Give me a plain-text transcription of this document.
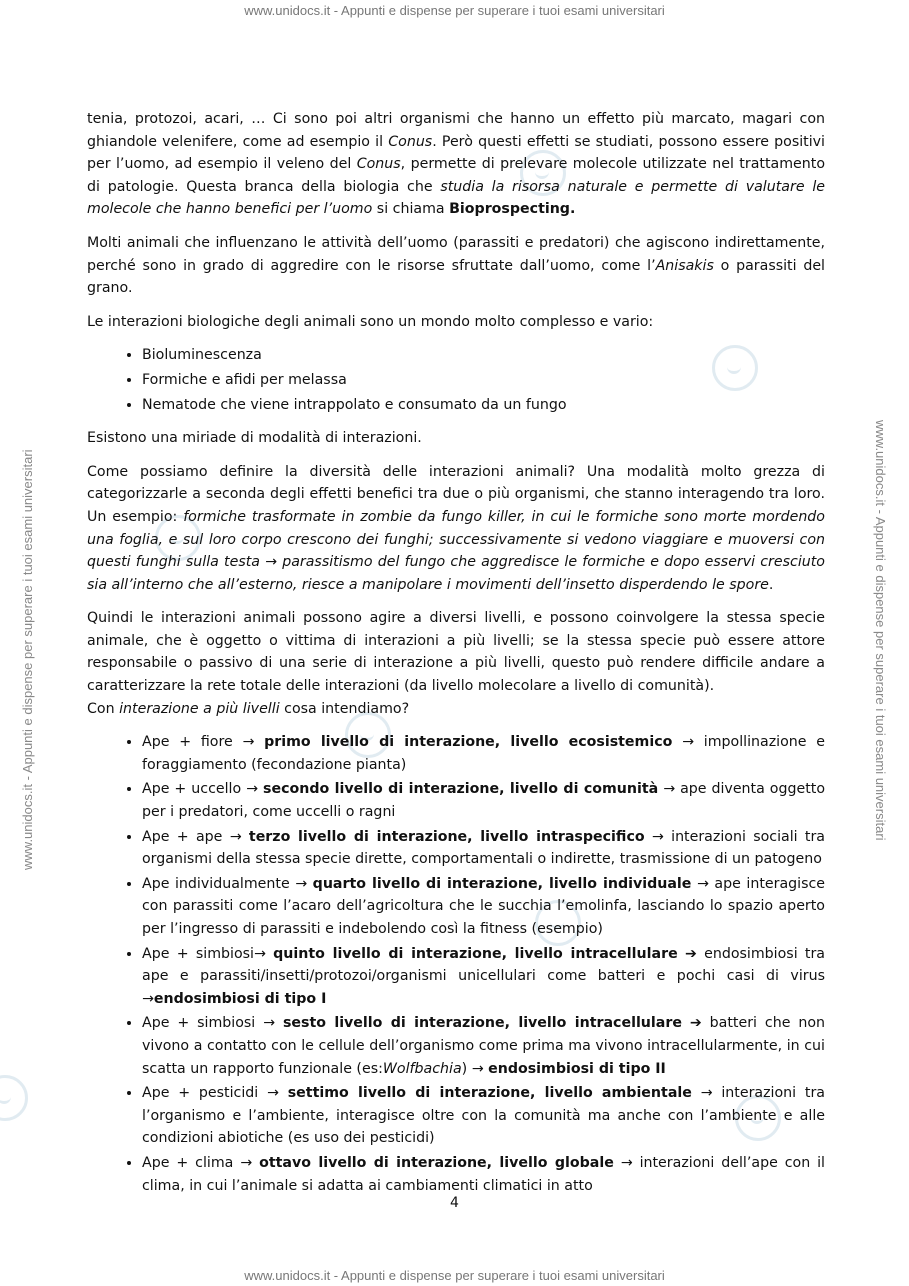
www.unidocs.it - Appunti e dispense per superare i tuoi esami universitari
www.unidocs.it - Appunti e dispense per superare i tuoi esami universitari	www.unidocs.it - Appunti e dispense per superare i tuoi esami universitari

tenia, protozoi, acari, … Ci sono poi altri organismi che hanno un effetto più marcato, magari con ghiandole velenifere, come ad esempio il Conus. Però questi effetti se studiati, possono essere positivi per l’uomo, ad esempio il veleno del Conus, permette di prelevare molecole utilizzate nel trattamento di patologie. Questa branca della biologia che studia la risorsa naturale e permette di valutare le molecole che hanno benefici per l’uomo si chiama Bioprospecting.

Molti animali che influenzano le attività dell’uomo (parassiti e predatori) che agiscono indirettamente, perché sono in grado di aggredire con le risorse sfruttate dall’uomo, come l’Anisakis o parassiti del grano.

Le interazioni biologiche degli animali sono un mondo molto complesso e vario:

• Bioluminescenza
• Formiche e afidi per melassa
• Nematode che viene intrappolato e consumato da un fungo

Esistono una miriade di modalità di interazioni.

Come possiamo definire la diversità delle interazioni animali? Una modalità molto grezza di categorizzarle a seconda degli effetti benefici tra due o più organismi, che stanno interagendo tra loro. Un esempio: formiche trasformate in zombie da fungo killer, in cui le formiche sono morte mordendo una foglia, e sul loro corpo crescono dei funghi; successivamente si vedono viaggiare e muoversi con questi funghi sulla testa → parassitismo del fungo che aggredisce le formiche e dopo esservi cresciuto sia all’interno che all’esterno, riesce a manipolare i movimenti dell’insetto disperdendo le spore.

Quindi le interazioni animali possono agire a diversi livelli, e possono coinvolgere la stessa specie animale, che è oggetto o vittima di interazioni a più livelli; se la stessa specie può essere attore responsabile o passivo di una serie di interazione a più livelli, questo può rendere difficile andare a caratterizzare la rete totale delle interazioni (da livello molecolare a livello di comunità).
Con interazione a più livelli cosa intendiamo?

• Ape + fiore → primo livello di interazione, livello ecosistemico → impollinazione e foraggiamento (fecondazione pianta)
• Ape + uccello → secondo livello di interazione, livello di comunità → ape diventa oggetto per i predatori, come uccelli o ragni
• Ape + ape → terzo livello di interazione, livello intraspecifico → interazioni sociali tra organismi della stessa specie dirette, comportamentali o indirette, trasmissione di un patogeno
• Ape individualmente → quarto livello di interazione, livello individuale → ape interagisce con parassiti come l’acaro dell’agricoltura che le succhia l’emolinfa, lasciando lo spazio aperto per l’ingresso di parassiti e indebolendo così la fitness (esempio)
• Ape + simbiosi→ quinto livello di interazione, livello intracellulare ➔ endosimbiosi tra ape e parassiti/insetti/protozoi/organismi unicellulari come batteri e pochi casi di virus →endosimbiosi di tipo I
• Ape + simbiosi → sesto livello di interazione, livello intracellulare ➔ batteri che non vivono a contatto con le cellule dell’organismo come prima ma vivono intracellularmente, in cui scatta un rapporto funzionale (es:Wolfbachia) → endosimbiosi di tipo II
• Ape + pesticidi → settimo livello di interazione, livello ambientale → interazioni tra l’organismo e l’ambiente, interagisce oltre con la comunità ma anche con l’ambiente e alle condizioni abiotiche (es uso dei pesticidi)
• Ape + clima → ottavo livello di interazione, livello globale → interazioni dell’ape con il clima, in cui l’animale si adatta ai cambiamenti climatici in atto
4
www.unidocs.it - Appunti e dispense per superare i tuoi esami universitari
